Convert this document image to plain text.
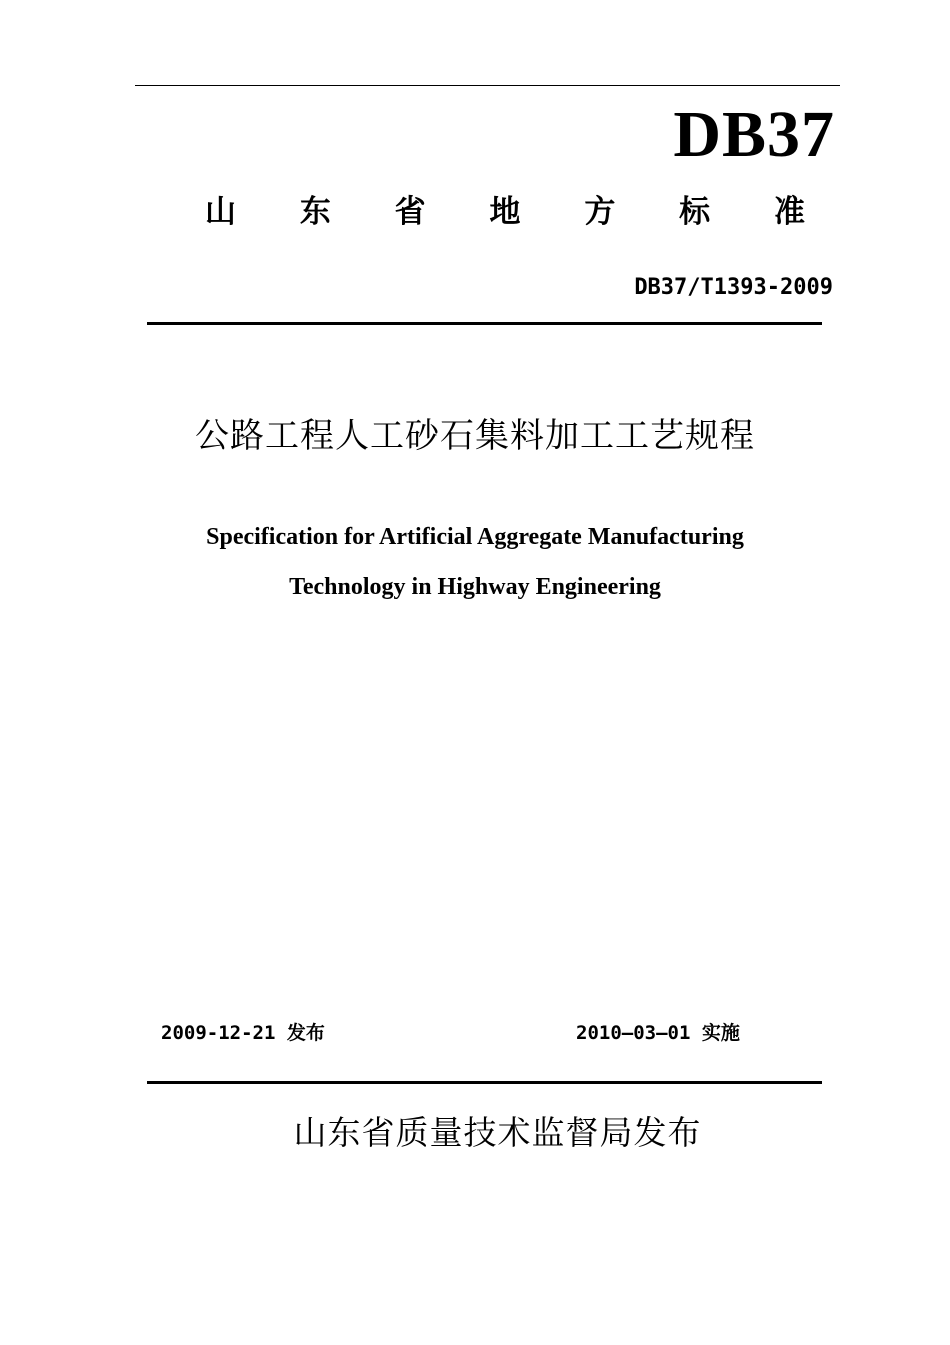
DB37
山 东 省 地 方 标 准
DB37/T1393-2009
公路工程人工砂石集料加工工艺规程
Specification for Artificial Aggregate Manufacturing
Technology in Highway Engineering
2009-12-21 发布	2010—03—01 实施
山东省质量技术监督局发布
